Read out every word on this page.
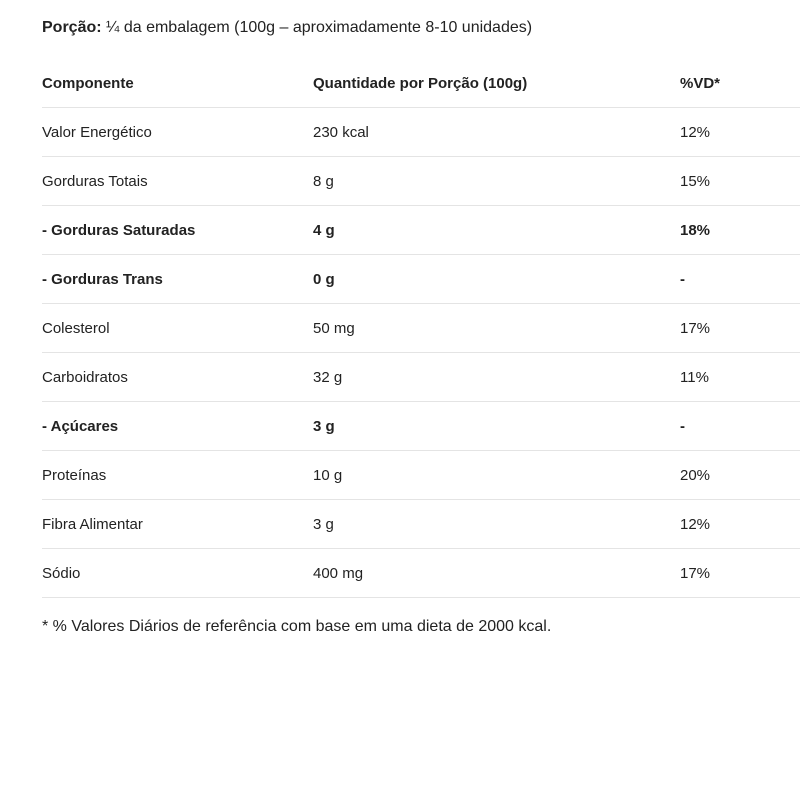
Porção: ¼ da embalagem (100g – aproximadamente 8-10 unidades)
Componente	Quantidade por Porção (100g)	%VD*
Valor Energético	230 kcal	12%
Gorduras Totais	8 g	15%
- Gorduras Saturadas	4 g	18%
- Gorduras Trans	0 g	-
Colesterol	50 mg	17%
Carboidratos	32 g	11%
- Açúcares	3 g	-
Proteínas	10 g	20%
Fibra Alimentar	3 g	12%
Sódio	400 mg	17%
* % Valores Diários de referência com base em uma dieta de 2000 kcal.
